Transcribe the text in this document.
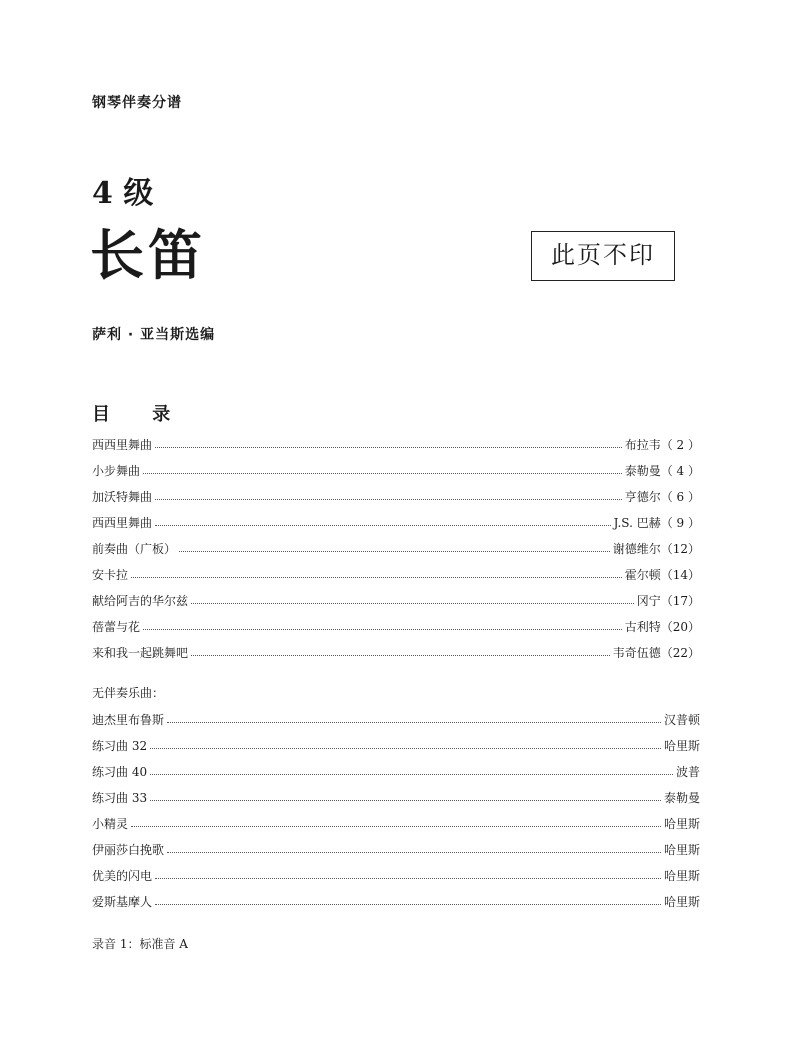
钢琴伴奏分谱
4 级
长笛	此页不印
萨利 · 亚当斯选编
目 录
西西里舞曲	布拉韦（ 2 ）
小步舞曲	泰勒曼（ 4 ）
加沃特舞曲	亨德尔（ 6 ）
西西里舞曲	J.S. 巴赫（ 9 ）
前奏曲（广板）	谢德维尔（12）
安卡拉	霍尔顿（14）
献给阿吉的华尔兹	冈宁（17）
蓓蕾与花	古利特（20）
来和我一起跳舞吧	韦奇伍德（22）
无伴奏乐曲：
迪杰里布鲁斯	汉普顿
练习曲 32	哈里斯
练习曲 40	波普
练习曲 33	泰勒曼
小精灵	哈里斯
伊丽莎白挽歌	哈里斯
优美的闪电	哈里斯
爱斯基摩人	哈里斯
录音 1：标准音 A
